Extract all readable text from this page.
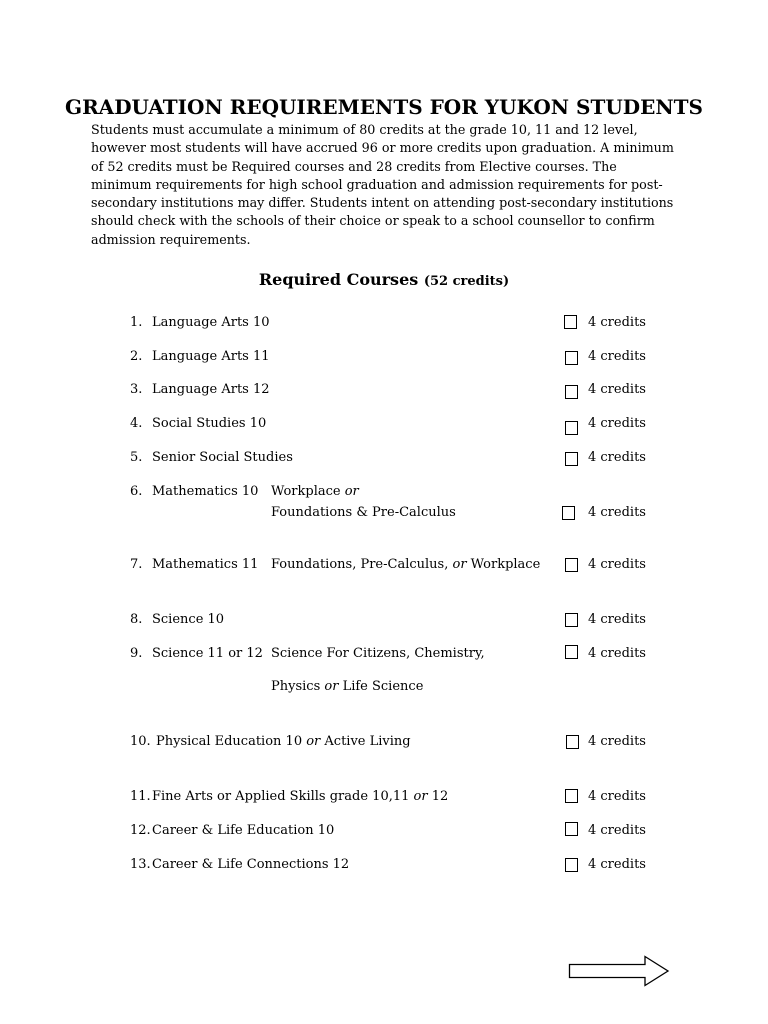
GRADUATION REQUIREMENTS FOR YUKON STUDENTS

Students must accumulate a minimum of 80 credits at the grade 10, 11 and 12 level, however most students will have accrued 96 or more credits upon graduation. A minimum of 52 credits must be Required courses and 28 credits from Elective courses. The minimum requirements for high school graduation and admission requirements for post-secondary institutions may differ. Students intent on attending post-secondary institutions should check with the schools of their choice or speak to a school counsellor to confirm admission requirements.

Required Courses (52 credits)
1. Language Arts 10	4 credits
2. Language Arts 11	4 credits
3. Language Arts 12	4 credits
4. Social Studies 10	4 credits
5. Senior Social Studies	4 credits
6. Mathematics 10 Workplace or
Foundations & Pre-Calculus	4 credits
7. Mathematics 11 Foundations, Pre-Calculus, or Workplace	4 credits
8. Science 10	4 credits
9. Science 11 or 12 Science For Citizens, Chemistry,	4 credits
Physics or Life Science
10. Physical Education 10 or Active Living	4 credits
11. Fine Arts or Applied Skills grade 10,11 or 12	4 credits
12. Career & Life Education 10	4 credits
13. Career & Life Connections 12	4 credits
